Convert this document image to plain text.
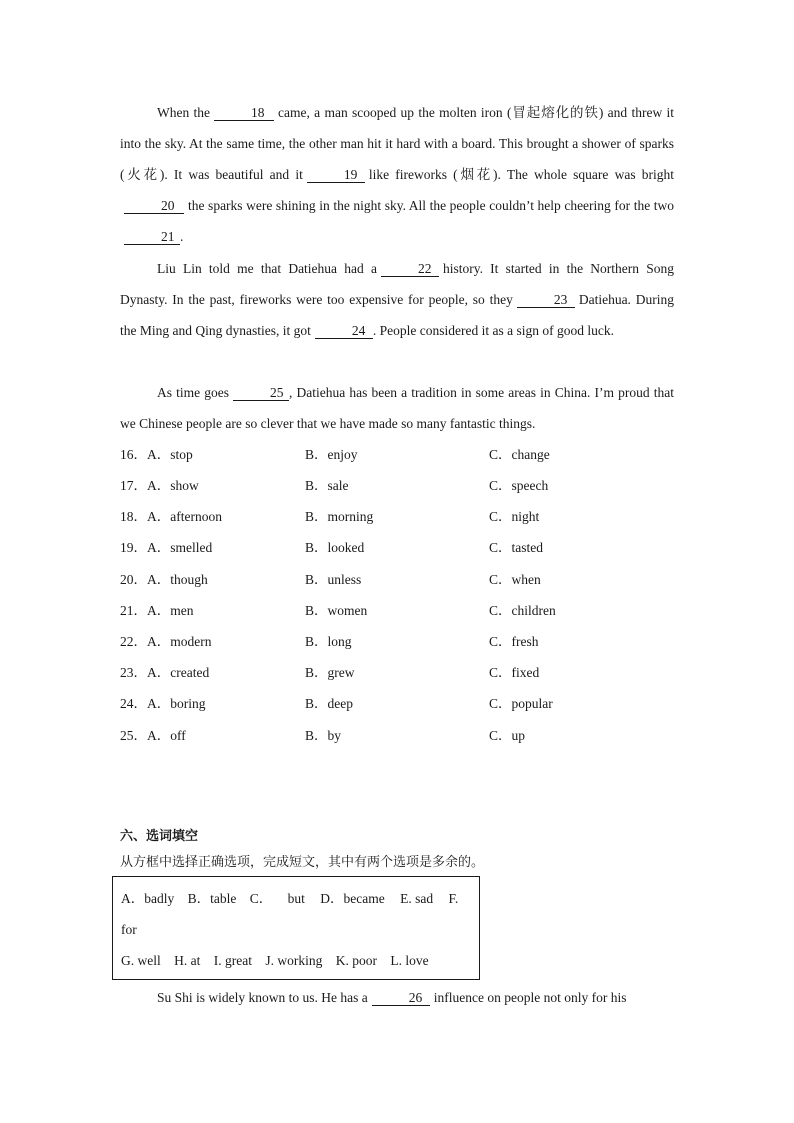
When the	18 came, a man scooped up the molten iron (冒起熔化的铁) and threw it into the sky. At the same time, the other man hit it hard with a board. This brought a shower of sparks (火花). It was beautiful and it	19 like fireworks (烟花). The whole square was bright20 the sparks were shining in the night sky. All the people couldn’t help cheering for the two21 .
Liu Lin told me that Datiehua had a	22 history. It started in the Northern Song Dynasty. In the past, fireworks were too expensive for people, so they	23 Datiehua. During the Ming and Qing dynasties, it got	24 . People considered it as a sign of good luck.
As time goes	25 , Datiehua has been a tradition in some areas in China. I’m proud that we Chinese people are so clever that we have made so many fantastic things.
16．A．stop	B．enjoy	C．change
17．A．show	B．sale	C．speech
18．A．afternoon	B．morning	C．night
19．A．smelled	B．looked	C．tasted
20．A．though	B．unless	C．when
21．A．men	B．women	C．children
22．A．modern	B．long	C．fresh
23．A．created	B．grew	C．fixed
24．A．boring	B．deep	C．popular
25．A．off	B．by	C．up
六、选词填空
从方框中选择正确选项，完成短文，其中有两个选项是多余的。
A．badly B．table C． but D．became E. sad F.
for
G. well H. at I. great J. working K. poor L. love
Su Shi is widely known to us. He has a	26 influence on people not only for his
